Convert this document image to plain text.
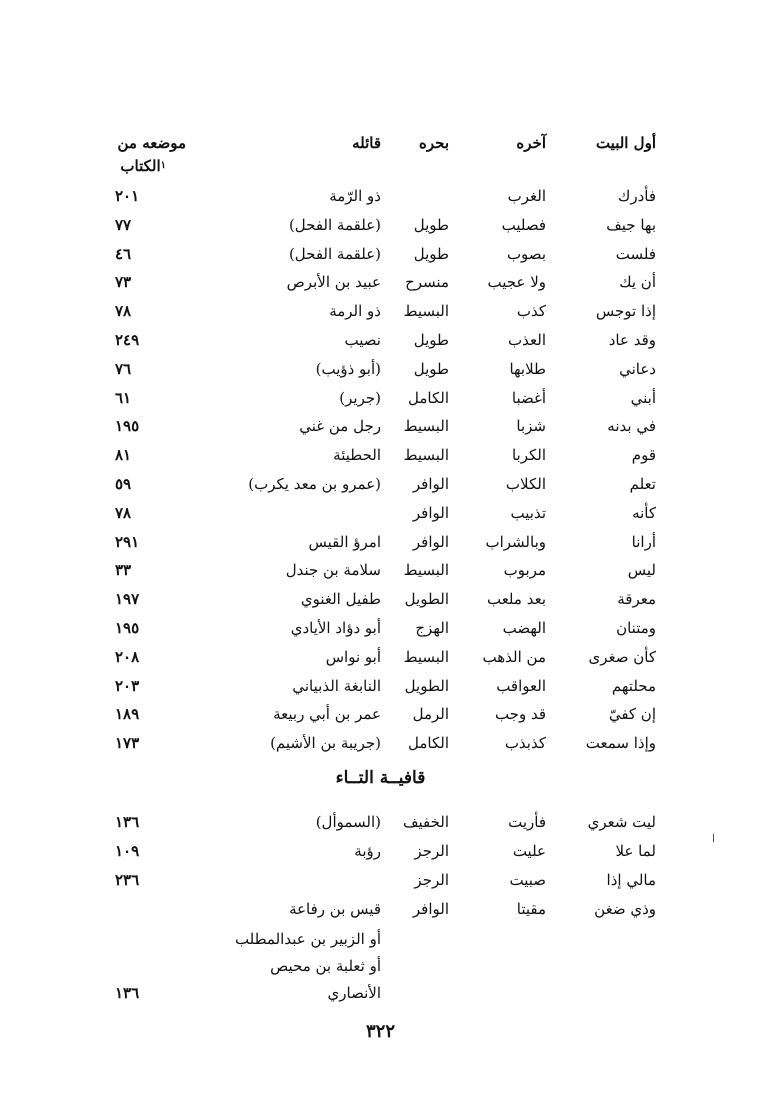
أول البيت
آخره
بحره
قائله
موضعه من
$^١$الكتاب
فأدرك
الغرب
ذو الرّمة
٢٠١
بها جيف
فصليب
طويل
(علقمة الفحل)
٧٧
فلست
بصوب
طويل
(علقمة الفحل)
٤٦
أن يك
ولا عجيب
منسرح
عبيد بن الأبرص
٧٣
إذا توجس
كذب
البسيط
ذو الرمة
٧٨
وقد عاد
العذب
طويل
نصيب
٢٤٩
دعاني
طلابها
طويل
(أبو ذؤيب)
٧٦
أبني
أغضبا
الكامل
(جرير)
٦١
في بدنه
شزبا
البسيط
رجل من غني
١٩٥
قوم
الكربا
البسيط
الحطيئة
٨١
تعلم
الكلاب
الوافر
(عمرو بن معد يكرب)
٥٩
كأنه
تذبيب
الوافر
٧٨
أرانا
وبالشراب
الوافر
امرؤ القيس
٢٩١
ليس
مربوب
البسيط
سلامة بن جندل
٣٣
معرقة
بعد ملعب
الطويل
طفيل الغنوي
١٩٧
ومتنان
الهضب
الهزج
أبو دؤاد الأيادي
١٩٥
كأن صغرى
من الذهب
البسيط
أبو نواس
٢٠٨
محلتهم
العواقب
الطويل
النابغة الذبياني
٢٠٣
إن كفيّ
قد وجب
الرمل
عمر بن أبي ربيعة
١٨٩
وإذا سمعت
كذبذب
الكامل
(جريبة بن الأشيم)
١٧٣
قافيــة التــاء
ليت شعري
فأريت
الخفيف
(السموأل)
١٣٦
لما علا
عليت
الرجز
رؤبة
١٠٩
مالي إذا
صبيت
الرجز
٢٣٦
وذي ضغن
مقيتا
الوافر
قيس بن رفاعة
أو الزبير بن عبدالمطلب
أو ثعلبة بن محيص
الأنصاري
١٣٦
٣٢٢
